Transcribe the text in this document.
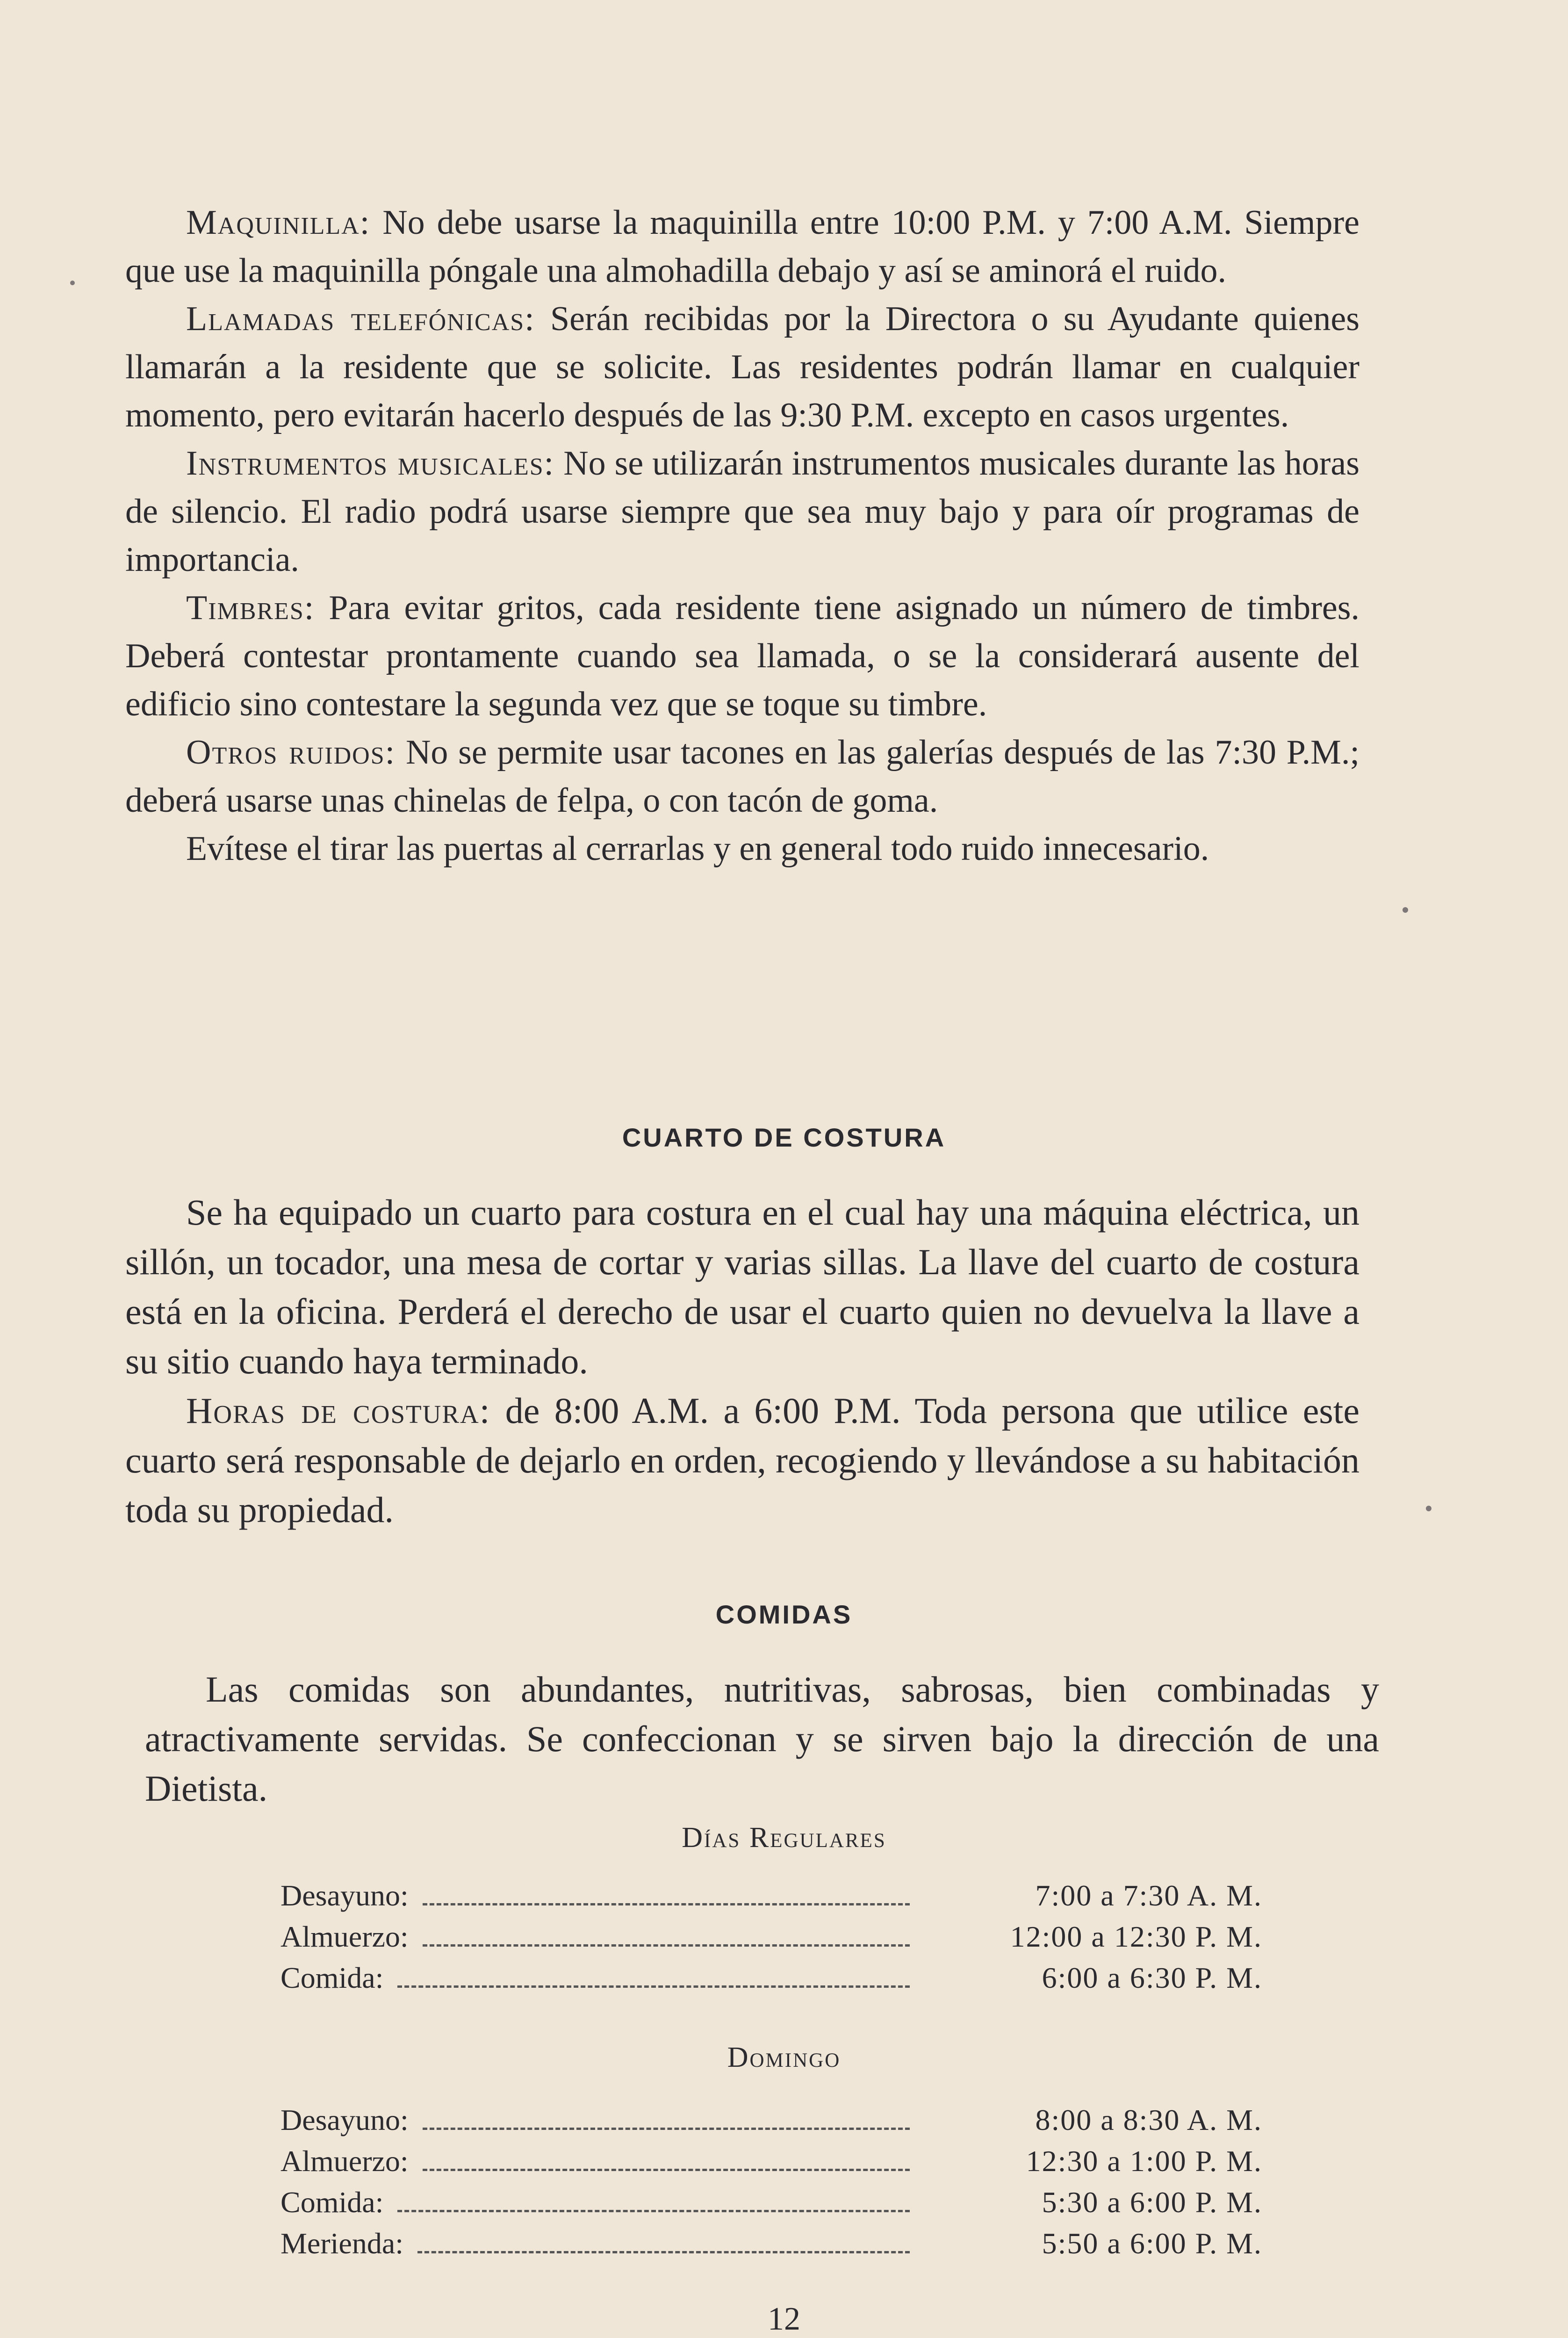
Maquinilla: No debe usarse la maquinilla entre 10:00 P.M. y 7:00 A.M. Siempre que use la maquinilla póngale una almohadilla debajo y así se aminorá el ruido.

Llamadas telefónicas: Serán recibidas por la Directora o su Ayudante quienes llamarán a la residente que se solicite. Las residentes podrán llamar en cualquier momento, pero evitarán hacerlo después de las 9:30 P.M. excepto en casos urgentes.

Instrumentos musicales: No se utilizarán instrumentos musicales durante las horas de silencio. El radio podrá usarse siempre que sea muy bajo y para oír programas de importancia.

Timbres: Para evitar gritos, cada residente tiene asignado un número de timbres. Deberá contestar prontamente cuando sea llamada, o se la considerará ausente del edificio sino contestare la segunda vez que se toque su timbre.

Otros ruidos: No se permite usar tacones en las galerías después de las 7:30 P.M.; deberá usarse unas chinelas de felpa, o con tacón de goma.

Evítese el tirar las puertas al cerrarlas y en general todo ruido innecesario.

CUARTO DE COSTURA

Se ha equipado un cuarto para costura en el cual hay una máquina eléctrica, un sillón, un tocador, una mesa de cortar y varias sillas. La llave del cuarto de costura está en la oficina. Perderá el derecho de usar el cuarto quien no devuelva la llave a su sitio cuando haya terminado.

Horas de costura: de 8:00 A.M. a 6:00 P.M. Toda persona que utilice este cuarto será responsable de dejarlo en orden, recogiendo y llevándose a su habitación toda su propiedad.

COMIDAS

Las comidas son abundantes, nutritivas, sabrosas, bien combinadas y atractivamente servidas. Se confeccionan y se sirven bajo la dirección de una Dietista.

Días Regulares
Desayuno:	7:00 a 7:30 A. M.
Almuerzo:	12:00 a 12:30 P. M.
Comida:	6:00 a 6:30 P. M.
Domingo
Desayuno:	8:00 a 8:30 A. M.
Almuerzo:	12:30 a 1:00 P. M.
Comida:	5:30 a 6:00 P. M.
Merienda:	5:50 a 6:00 P. M.
12
